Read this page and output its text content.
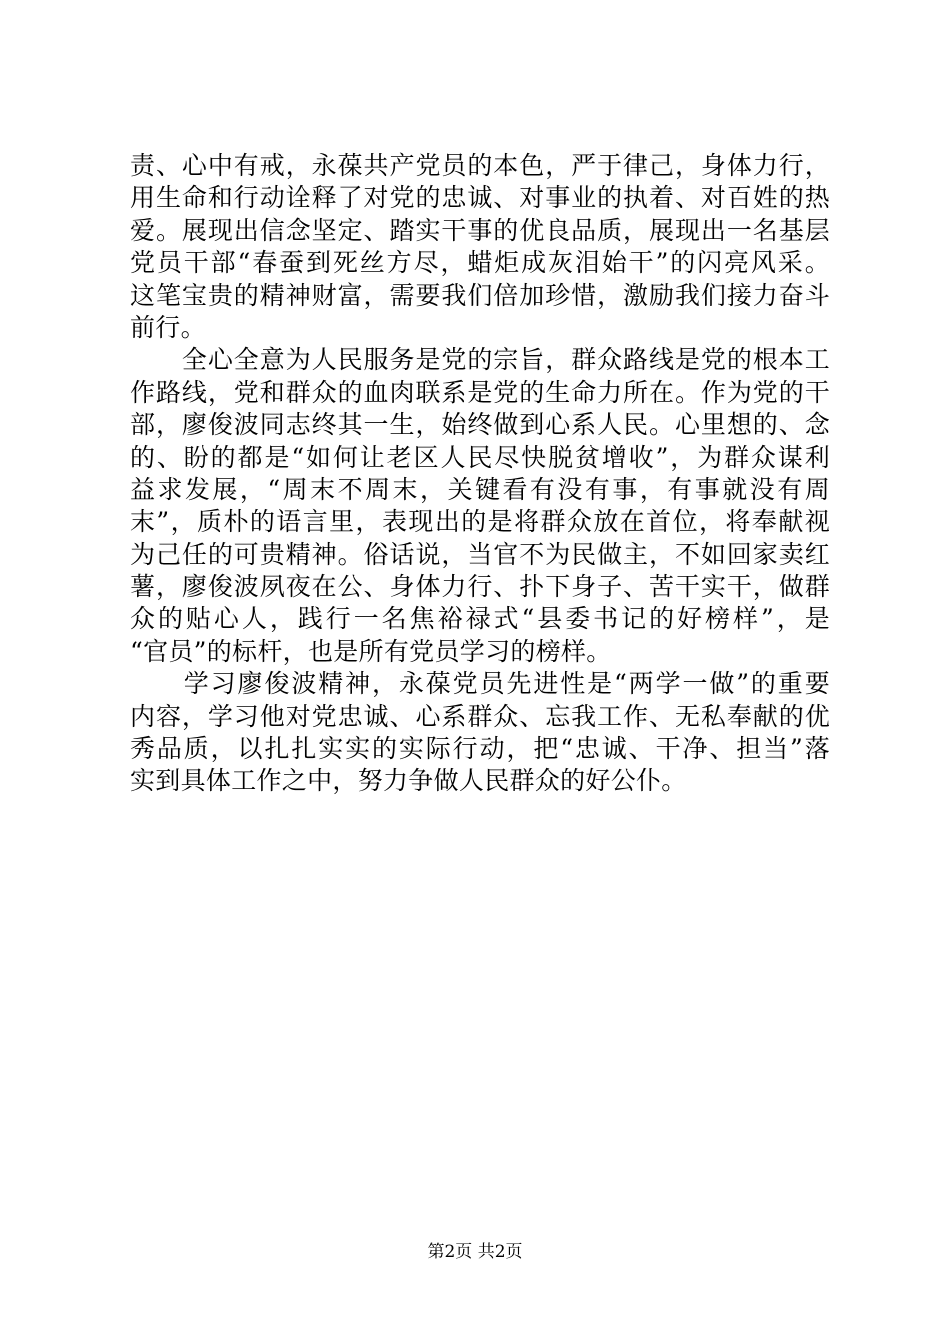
责、心中有戒，永葆共产党员的本色，严于律己，身体力行，
用生命和行动诠释了对党的忠诚、对事业的执着、对百姓的热
爱。展现出信念坚定、踏实干事的优良品质，展现出一名基层
党员干部“春蚕到死丝方尽，蜡炬成灰泪始干”的闪亮风采。
这笔宝贵的精神财富，需要我们倍加珍惜，激励我们接力奋斗
前行。
　　全心全意为人民服务是党的宗旨，群众路线是党的根本工
作路线，党和群众的血肉联系是党的生命力所在。作为党的干
部，廖俊波同志终其一生，始终做到心系人民。心里想的、念
的、盼的都是“如何让老区人民尽快脱贫增收”，为群众谋利
益求发展，“周末不周末，关键看有没有事，有事就没有周
末”，质朴的语言里，表现出的是将群众放在首位，将奉献视
为己任的可贵精神。俗话说，当官不为民做主，不如回家卖红
薯，廖俊波夙夜在公、身体力行、扑下身子、苦干实干，做群
众的贴心人，践行一名焦裕禄式“县委书记的好榜样”，是
“官员”的标杆，也是所有党员学习的榜样。
　　学习廖俊波精神，永葆党员先进性是“两学一做”的重要
内容，学习他对党忠诚、心系群众、忘我工作、无私奉献的优
秀品质，以扎扎实实的实际行动，把“忠诚、干净、担当”落
实到具体工作之中，努力争做人民群众的好公仆。
第2页 共2页
